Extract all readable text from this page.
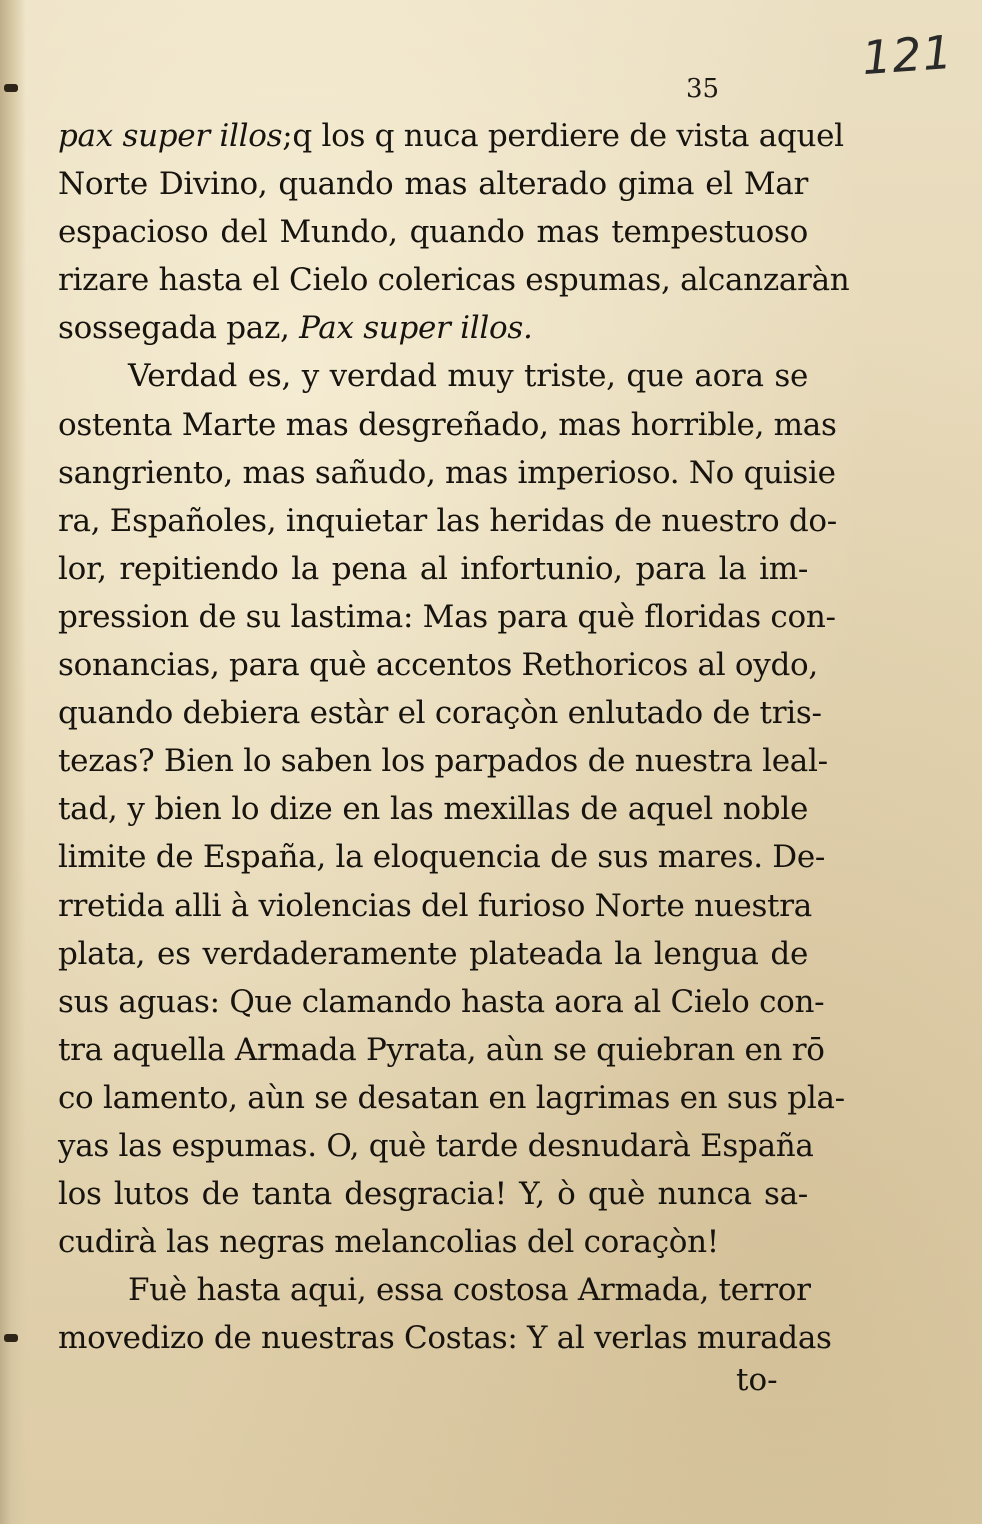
121
35
pax super illos;q los q nuca perdiere de vista aquel
Norte Divino, quando mas alterado gima el Mar
espacioso del Mundo, quando mas tempestuoso
rizare hasta el Cielo colericas espumas, alcanzaràn
sossegada paz, Pax super illos.
Verdad es, y verdad muy triste, que aora se
ostenta Marte mas desgreñado, mas horrible, mas
sangriento, mas sañudo, mas imperioso. No quisie
ra, Españoles, inquietar las heridas de nuestro do-
lor, repitiendo la pena al infortunio, para la im-
pression de su lastima: Mas para què floridas con-
sonancias, para què accentos Rethoricos al oydo,
quando debiera estàr el coraçòn enlutado de tris-
tezas? Bien lo saben los parpados de nuestra leal-
tad, y bien lo dize en las mexillas de aquel noble
limite de España, la eloquencia de sus mares. De-
rretida alli à violencias del furioso Norte nuestra
plata, es verdaderamente plateada la lengua de
sus aguas: Que clamando hasta aora al Cielo con-
tra aquella Armada Pyrata, aùn se quiebran en rō
co lamento, aùn se desatan en lagrimas en sus pla-
yas las espumas. O, què tarde desnudarà España
los lutos de tanta desgracia! Y, ò què nunca sa-
cudirà las negras melancolias del coraçòn!
Fuè hasta aqui, essa costosa Armada, terror
movedizo de nuestras Costas: Y al verlas muradas
to-
